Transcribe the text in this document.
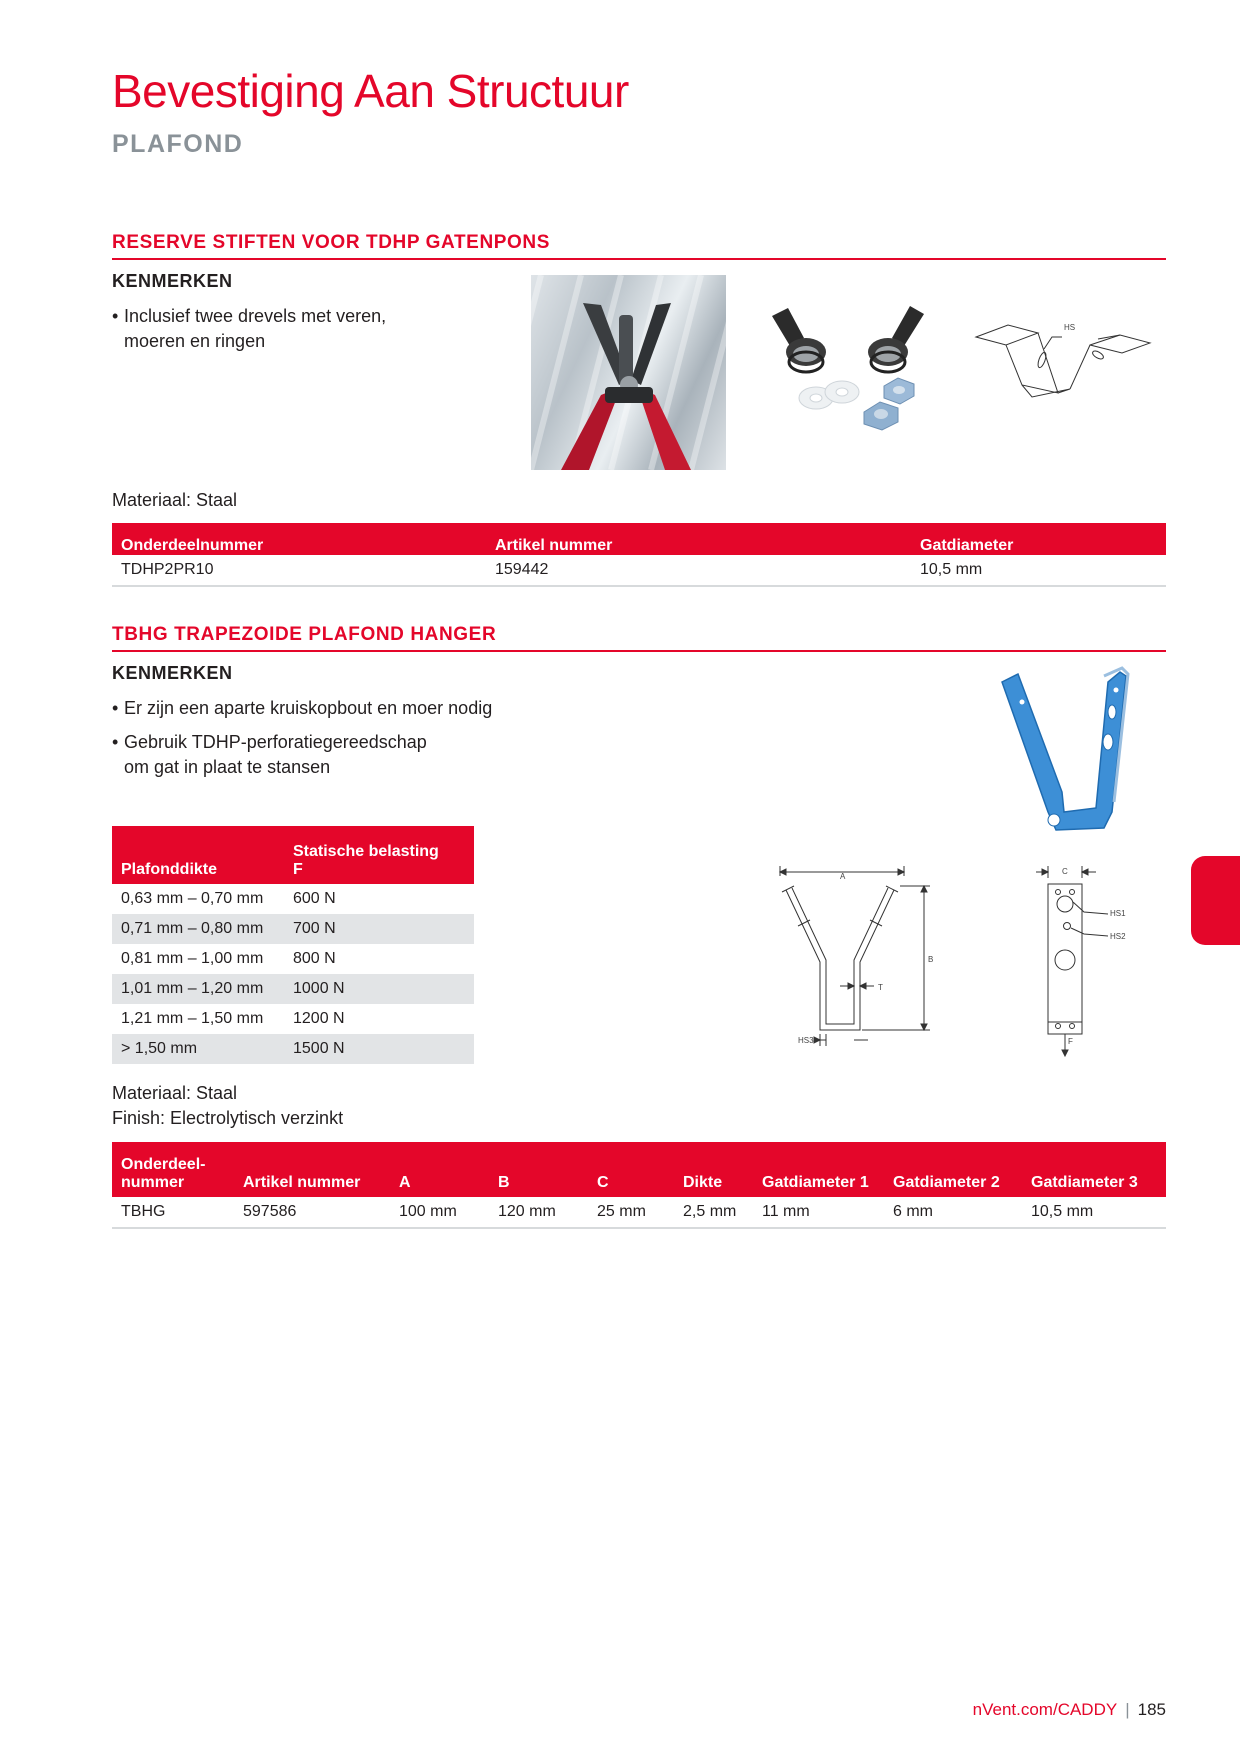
Bevestiging Aan Structuur
PLAFOND
RESERVE STIFTEN VOOR TDHP GATENPONS
KENMERKEN
• Inclusief twee drevels met veren,
moeren en ringen
HS
Materiaal: Staal
Onderdeelnummer	Artikel nummer	Gatdiameter
TDHP2PR10	159442	10,5 mm
TBHG TRAPEZOIDE PLAFOND HANGER
KENMERKEN
• Er zijn een aparte kruiskopbout en moer nodig
• Gebruik TDHP-perforatiegereedschap
om gat in plaat te stansen
Plafonddikte	Statische belasting
F
0,63 mm – 0,70 mm	600 N
0,71 mm – 0,80 mm	700 N
0,81 mm – 1,00 mm	800 N
1,01 mm – 1,20 mm	1000 N
1,21 mm – 1,50 mm	1200 N
> 1,50 mm	1500 N
A
B
T
HS3
C
HS1
HS2
F
Materiaal: Staal
Finish: Electrolytisch verzinkt
Onderdeel-
nummer	Artikel nummer	A	B	C	Dikte	Gatdiameter 1	Gatdiameter 2	Gatdiameter 3
TBHG	597586	100 mm	120 mm	25 mm	2,5 mm	11 mm	6 mm	10,5 mm
nVent.com/CADDY | 185
